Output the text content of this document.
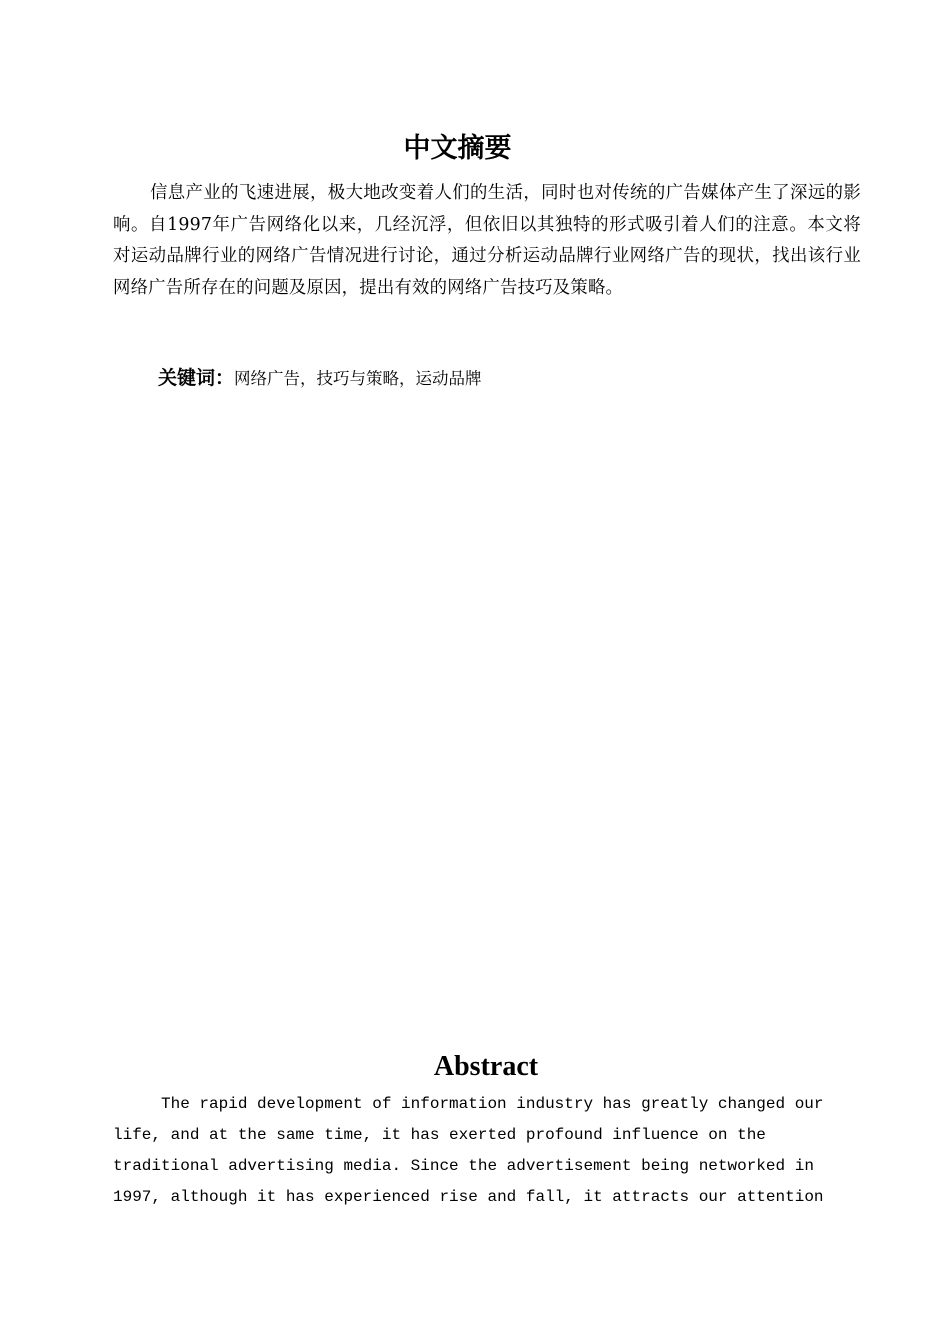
中文摘要

信息产业的飞速进展，极大地改变着人们的生活，同时也对传统的广告媒体产生了深远的影响。自1997年广告网络化以来，几经沉浮，但依旧以其独特的形式吸引着人们的注意。本文将对运动品牌行业的网络广告情况进行讨论，通过分析运动品牌行业网络广告的现状，找出该行业网络广告所存在的问题及原因，提出有效的网络广告技巧及策略。

关键词：网络广告，技巧与策略，运动品牌

Abstract

The rapid development of information industry has greatly changed our
life, and at the same time, it has exerted profound influence on the
traditional advertising media. Since the advertisement being networked in
1997, although it has experienced rise and fall, it attracts our attention
